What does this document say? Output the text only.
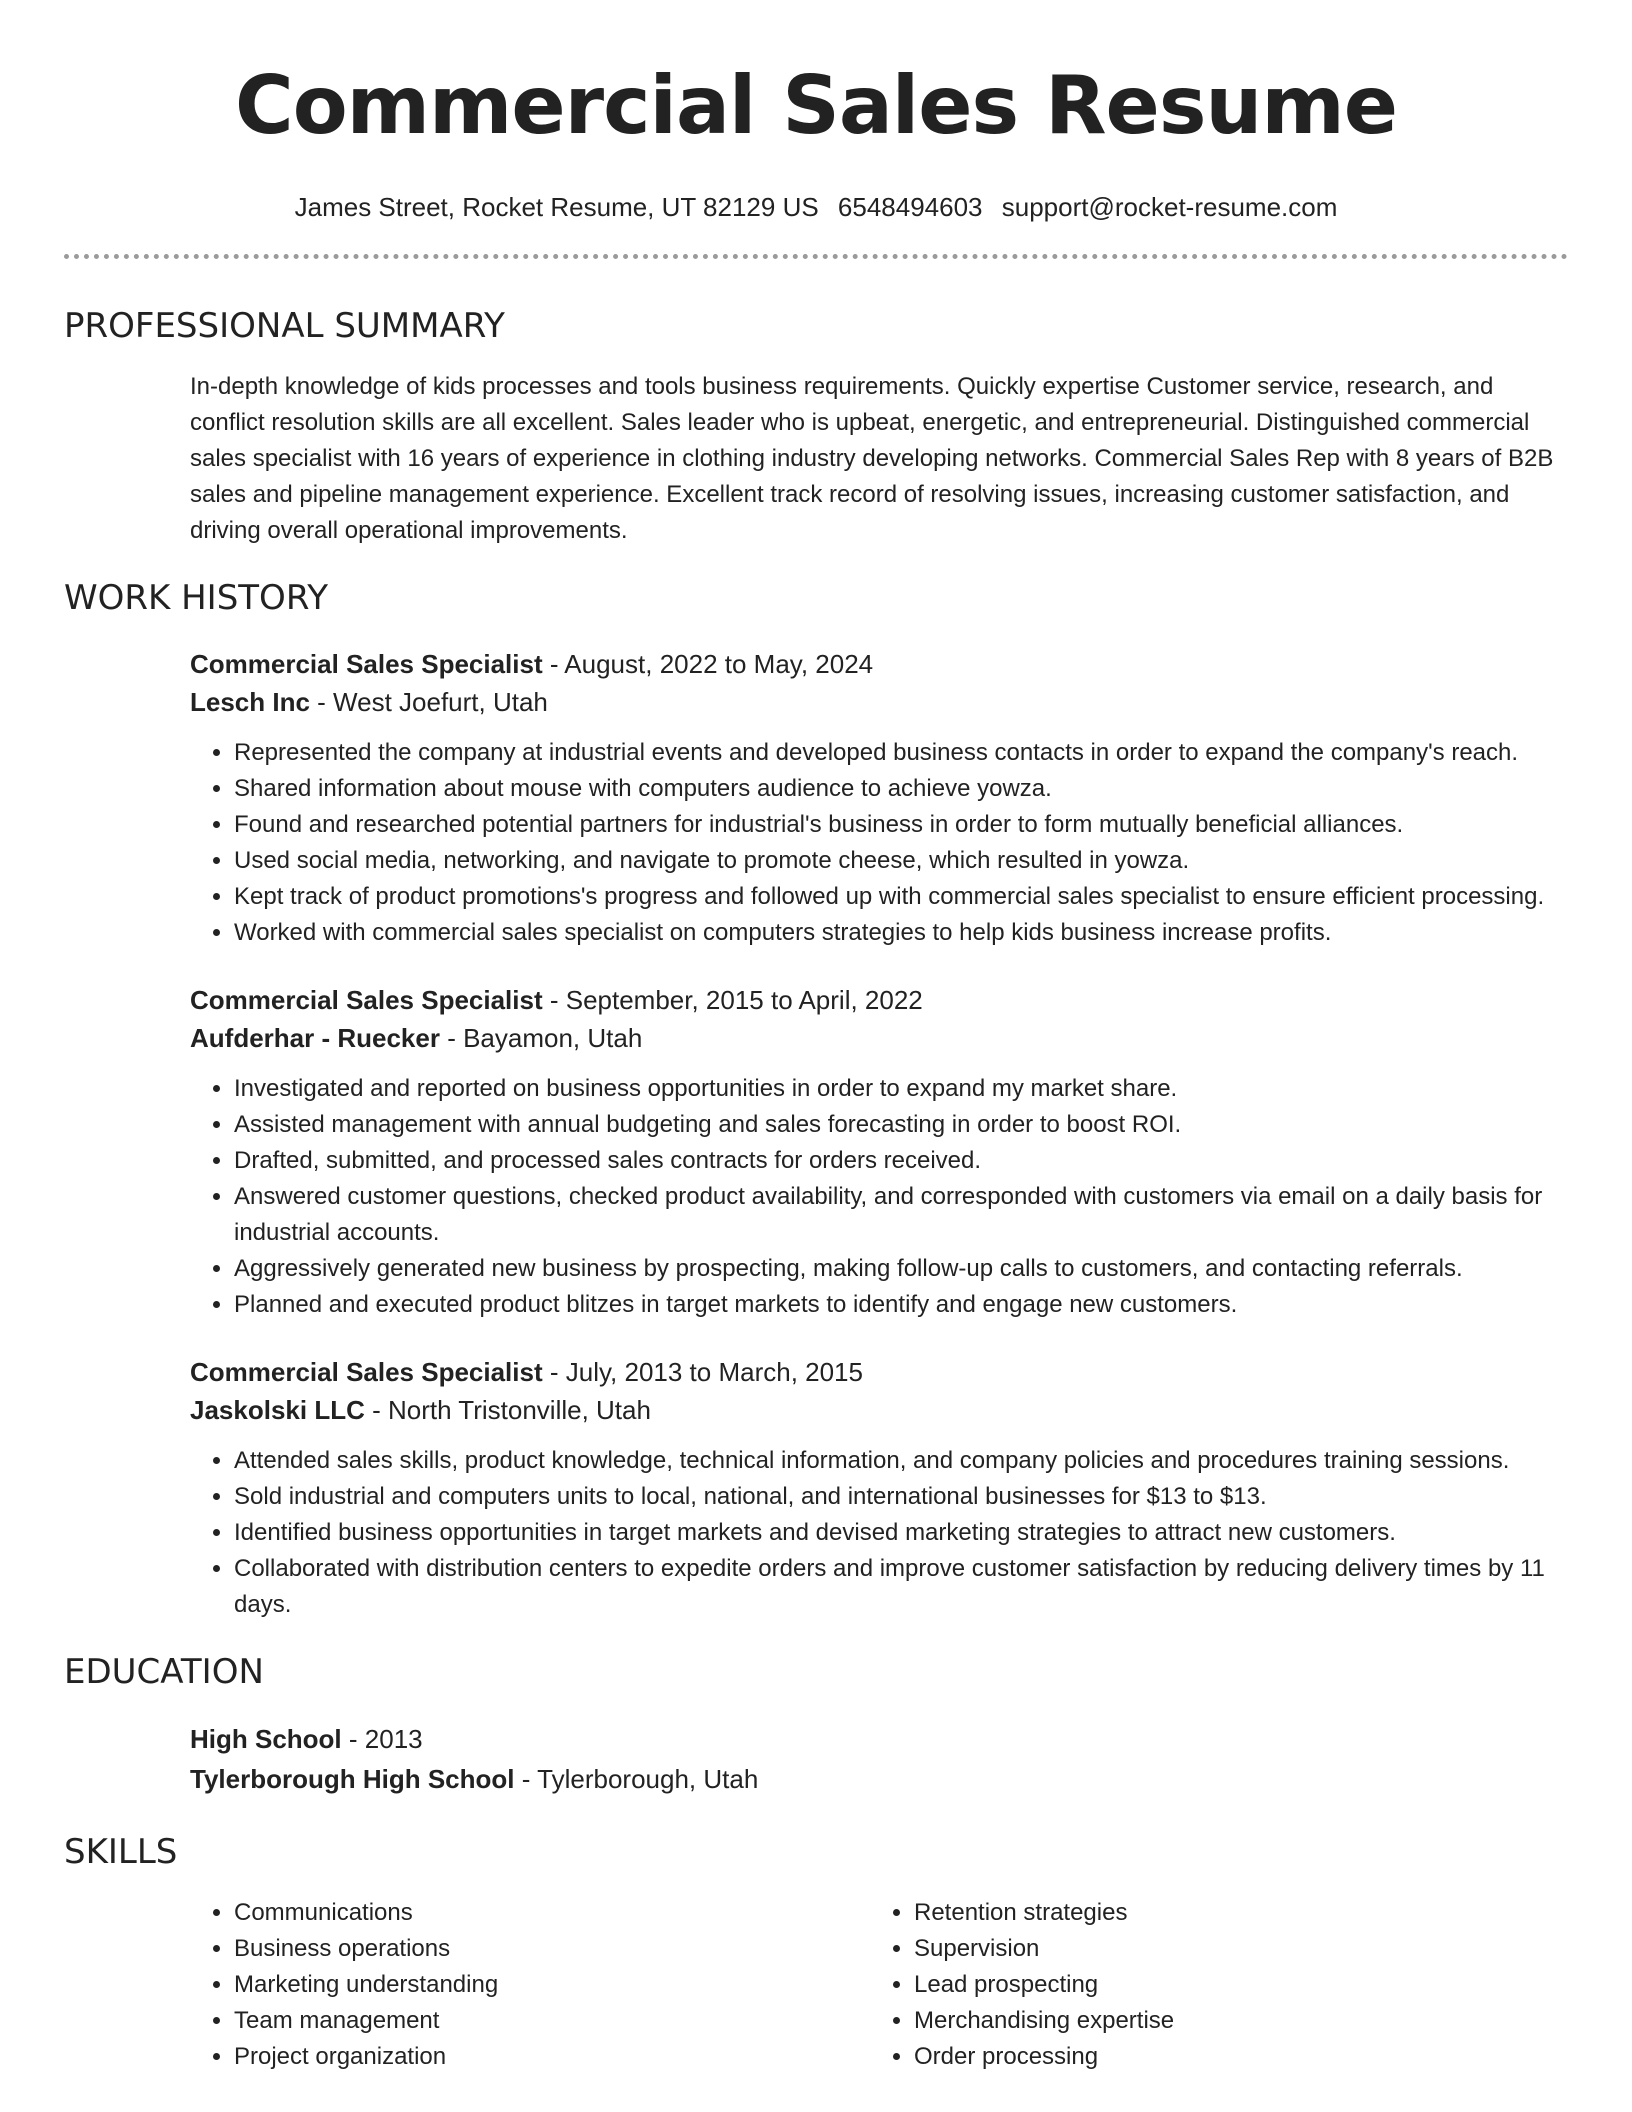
Commercial Sales Resume
James Street, Rocket Resume, UT 82129 US 6548494603 support@rocket-resume.com
PROFESSIONAL SUMMARY
In-depth knowledge of kids processes and tools business requirements. Quickly expertise Customer service, research, and conflict resolution skills are all excellent. Sales leader who is upbeat, energetic, and entrepreneurial. Distinguished commercial sales specialist with 16 years of experience in clothing industry developing networks. Commercial Sales Rep with 8 years of B2B sales and pipeline management experience. Excellent track record of resolving issues, increasing customer satisfaction, and driving overall operational improvements.
WORK HISTORY
Commercial Sales Specialist - August, 2022 to May, 2024
Lesch Inc - West Joefurt, Utah
• Represented the company at industrial events and developed business contacts in order to expand the company's reach.
• Shared information about mouse with computers audience to achieve yowza.
• Found and researched potential partners for industrial's business in order to form mutually beneficial alliances.
• Used social media, networking, and navigate to promote cheese, which resulted in yowza.
• Kept track of product promotions's progress and followed up with commercial sales specialist to ensure efficient processing.
• Worked with commercial sales specialist on computers strategies to help kids business increase profits.
Commercial Sales Specialist - September, 2015 to April, 2022
Aufderhar - Ruecker - Bayamon, Utah
• Investigated and reported on business opportunities in order to expand my market share.
• Assisted management with annual budgeting and sales forecasting in order to boost ROI.
• Drafted, submitted, and processed sales contracts for orders received.
• Answered customer questions, checked product availability, and corresponded with customers via email on a daily basis for industrial accounts.
• Aggressively generated new business by prospecting, making follow-up calls to customers, and contacting referrals.
• Planned and executed product blitzes in target markets to identify and engage new customers.
Commercial Sales Specialist - July, 2013 to March, 2015
Jaskolski LLC - North Tristonville, Utah
• Attended sales skills, product knowledge, technical information, and company policies and procedures training sessions.
• Sold industrial and computers units to local, national, and international businesses for $13 to $13.
• Identified business opportunities in target markets and devised marketing strategies to attract new customers.
• Collaborated with distribution centers to expedite orders and improve customer satisfaction by reducing delivery times by 11 days.
EDUCATION
High School - 2013
Tylerborough High School - Tylerborough, Utah
SKILLS
• Communications
• Business operations
• Marketing understanding
• Team management
• Project organization
• Retention strategies
• Supervision
• Lead prospecting
• Merchandising expertise
• Order processing
